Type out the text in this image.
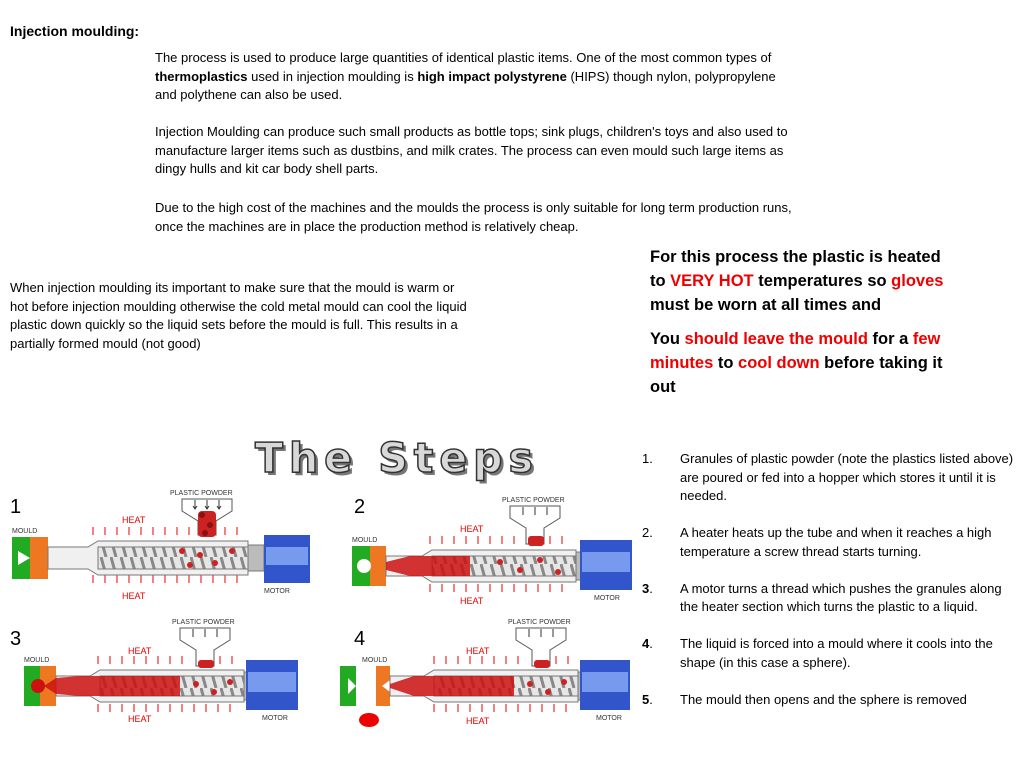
Injection moulding:
The process is used to produce large quantities of identical plastic items. One of the most common types of thermoplastics used in injection moulding is high impact polystyrene (HIPS) though nylon, polypropylene and polythene can also be used.
Injection Moulding can produce such small products as bottle tops; sink plugs, children's toys and also used to manufacture larger items such as dustbins, and milk crates. The process can even mould such large items as dingy hulls and kit car body shell parts.
Due to the high cost of the machines and the moulds the process is only suitable for long term production runs, once the machines are in place the production method is relatively cheap.
When injection moulding its important to make sure that the mould is warm or hot before injection moulding otherwise the cold metal mould can cool the liquid plastic down quickly so the liquid sets before the mould is full. This results in a partially formed mould (not good)

For this process the plastic is heated to VERY HOT temperatures so gloves must be worn at all times and

You should leave the mould for a few minutes to cool down before taking it out

The Steps
1	2
3	4
PLASTIC POWDER
HEAT
HEAT
MOULD
MOTOR
PLASTIC POWDER
HEAT
HEAT
MOULD
MOTOR
PLASTIC POWDER
HEAT
HEAT
MOULD
MOTOR
PLASTIC POWDER
HEAT
HEAT
MOULD
MOTOR
1. Granules of plastic powder (note the plastics listed above) are poured or fed into a hopper which stores it until it is needed.
2. A heater heats up the tube and when it reaches a high temperature a screw thread starts turning.
3. A motor turns a thread which pushes the granules along the heater section which turns the plastic to a liquid.
4. The liquid is forced into a mould where it cools into the shape (in this case a sphere).
5. The mould then opens and the sphere is removed
